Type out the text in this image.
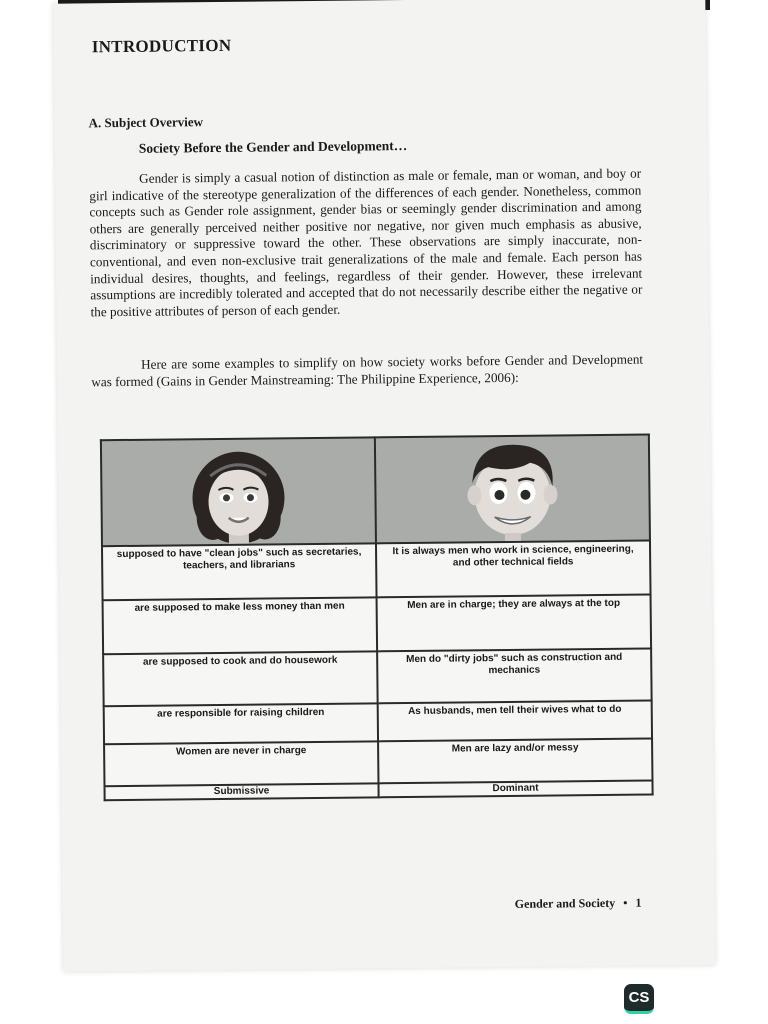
INTRODUCTION
A. Subject Overview
Society Before the Gender and Development…

Gender is simply a casual notion of distinction as male or female, man or woman, and boy or girl indicative of the stereotype generalization of the differences of each gender. Nonetheless, common concepts such as Gender role assignment, gender bias or seemingly gender discrimination and among others are generally perceived neither positive nor negative, nor given much emphasis as abusive, discriminatory or suppressive toward the other. These observations are simply inaccurate, non-conventional, and even non-exclusive trait generalizations of the male and female. Each person has individual desires, thoughts, and feelings, regardless of their gender. However, these irrelevant assumptions are incredibly tolerated and accepted that do not necessarily describe either the negative or the positive attributes of person of each gender.

Here are some examples to simplify on how society works before Gender and Development was formed (Gains in Gender Mainstreaming: The Philippine Experience, 2006):

supposed to have "clean jobs" such as secretaries, teachers, and librarians	It is always men who work in science, engineering, and other technical fields
are supposed to make less money than men	Men are in charge; they are always at the top
are supposed to cook and do housework	Men do "dirty jobs" such as construction and mechanics
are responsible for raising children	As husbands, men tell their wives what to do
Women are never in charge	Men are lazy and/or messy
Submissive	Dominant
Gender and Society • 1
CS
